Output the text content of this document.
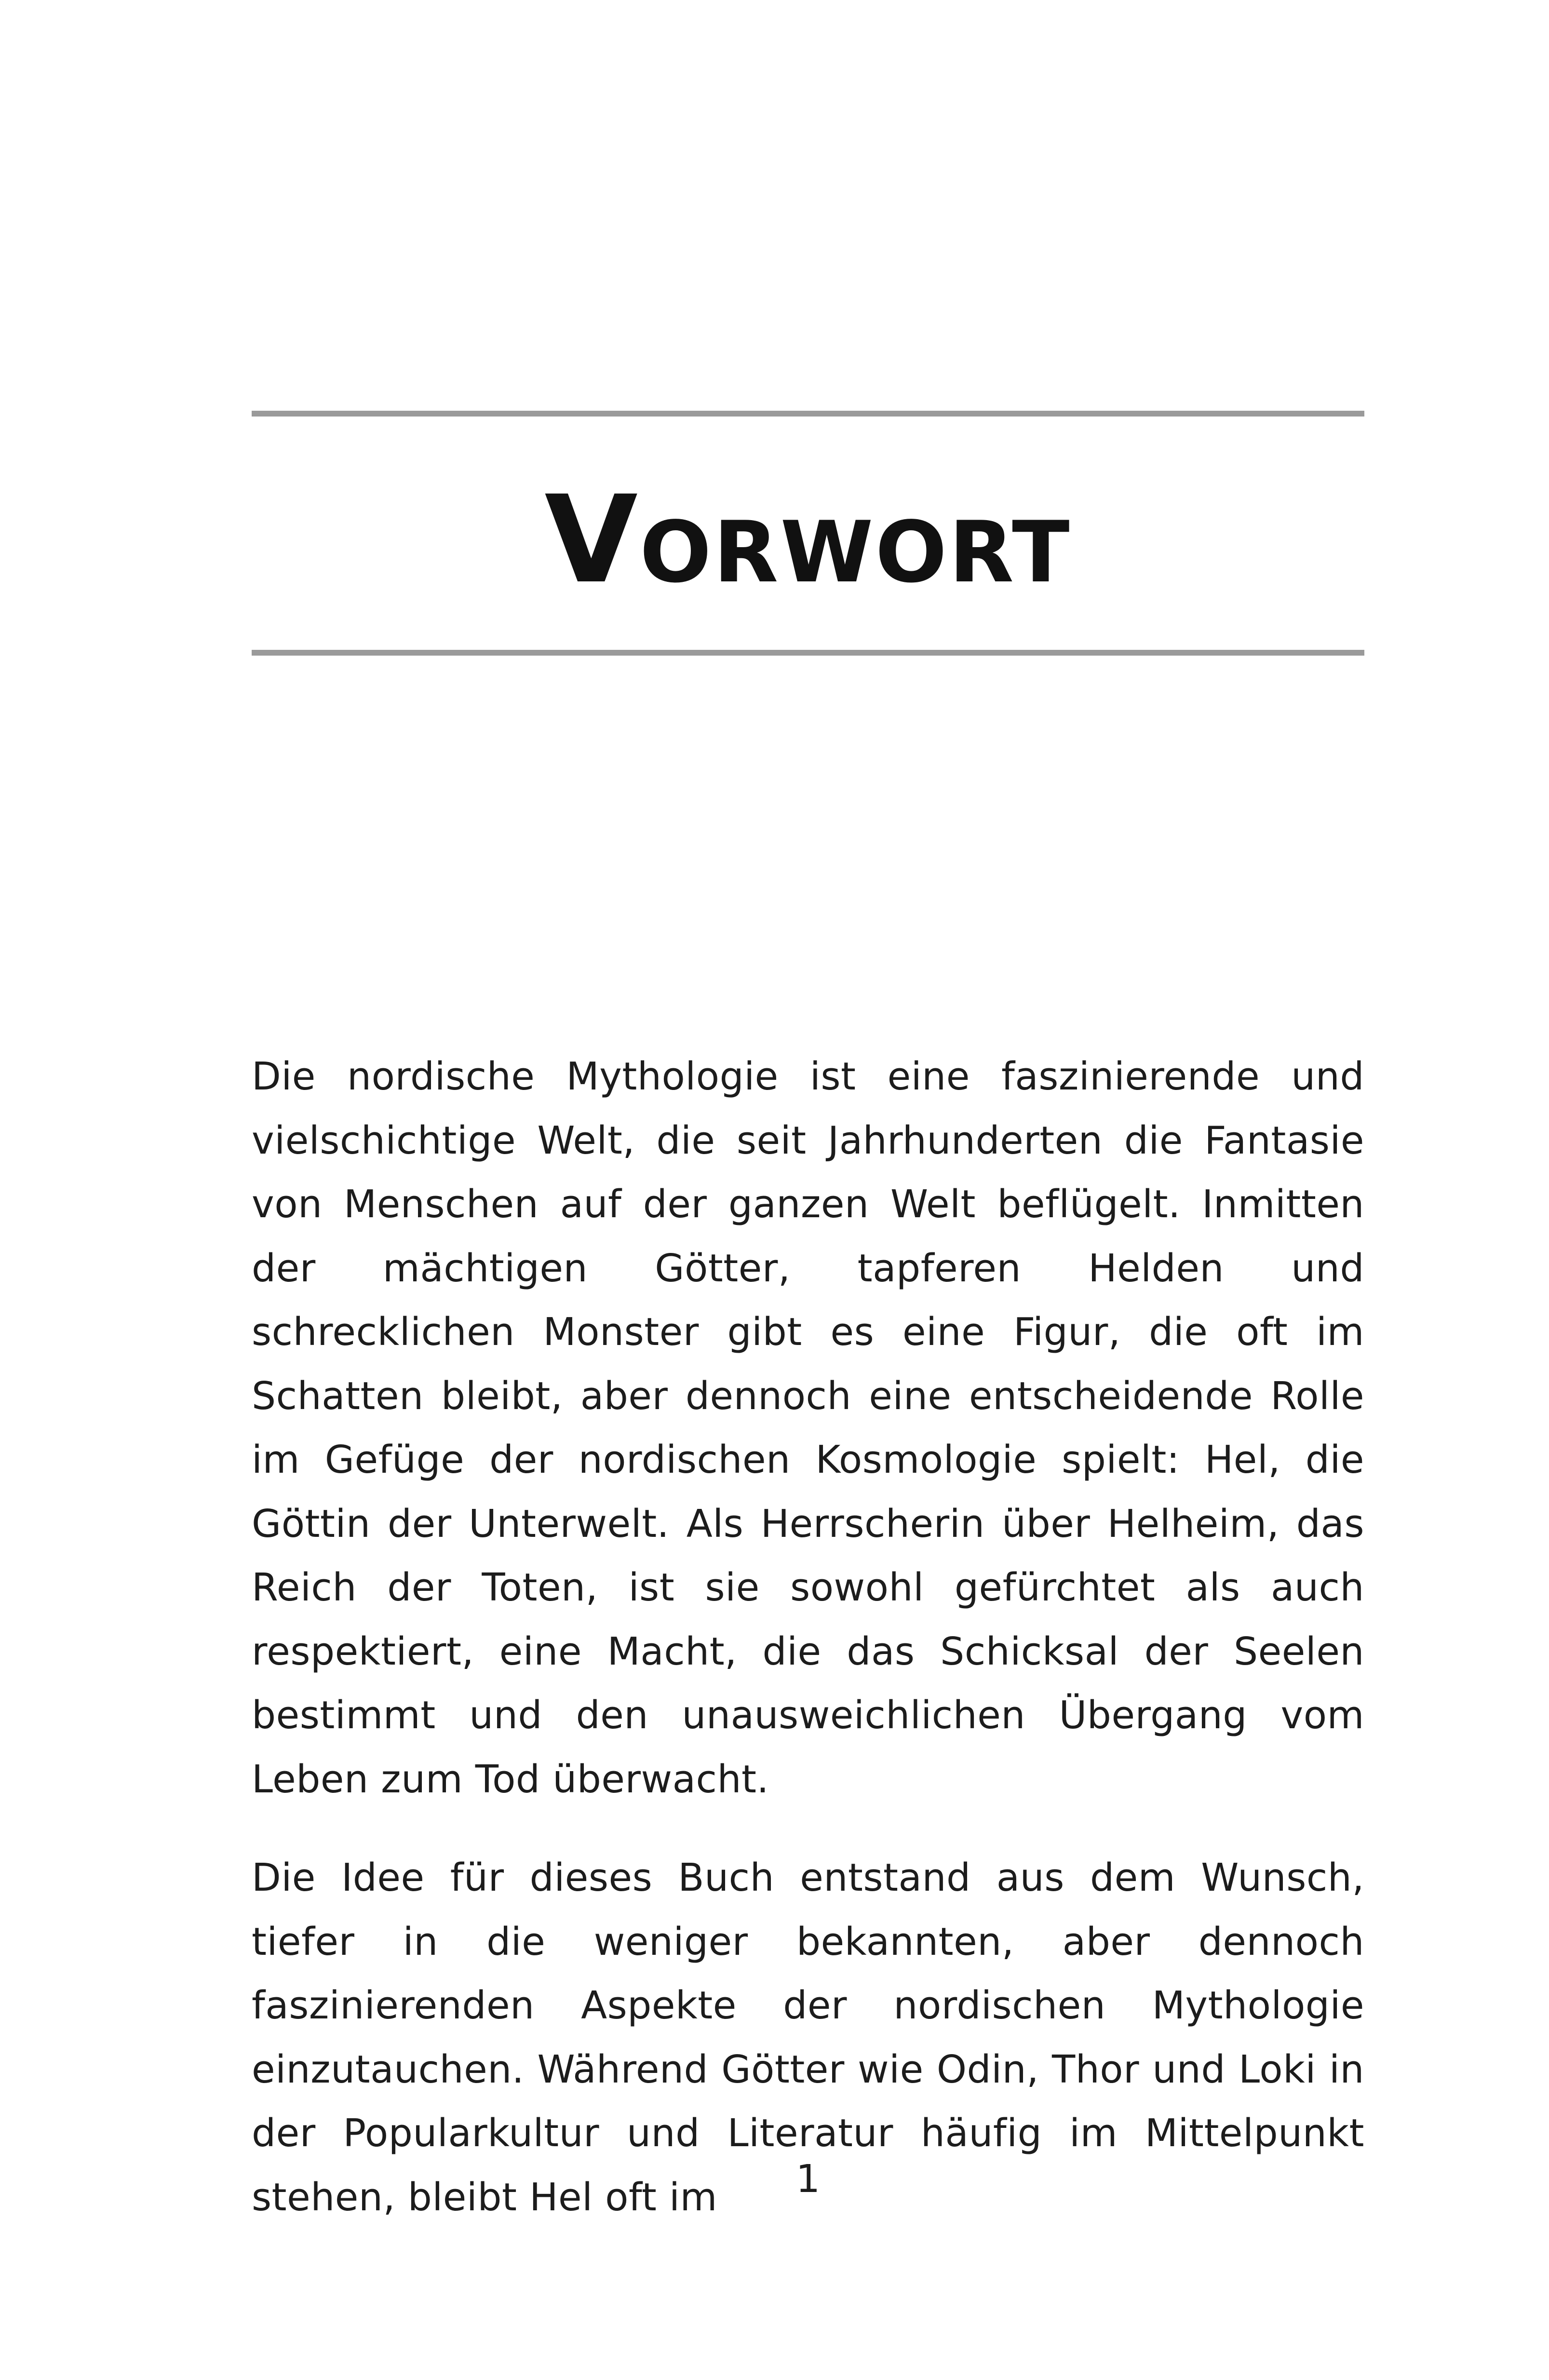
Vorwort

Die nordische Mythologie ist eine faszinierende und vielschichtige Welt, die seit Jahrhunderten die Fantasie von Menschen auf der ganzen Welt beflügelt. Inmitten der mächtigen Götter, tapferen Helden und schrecklichen Monster gibt es eine Figur, die oft im Schatten bleibt, aber dennoch eine entscheidende Rolle im Gefüge der nordischen Kosmologie spielt: Hel, die Göttin der Unterwelt. Als Herrscherin über Helheim, das Reich der Toten, ist sie sowohl gefürchtet als auch respektiert, eine Macht, die das Schicksal der Seelen bestimmt und den unausweichlichen Übergang vom Leben zum Tod überwacht.

Die Idee für dieses Buch entstand aus dem Wunsch, tiefer in die weniger bekannten, aber dennoch faszinierenden Aspekte der nordischen Mythologie einzutauchen. Während Götter wie Odin, Thor und Loki in der Popularkultur und Literatur häufig im Mittelpunkt stehen, bleibt Hel oft im	1
